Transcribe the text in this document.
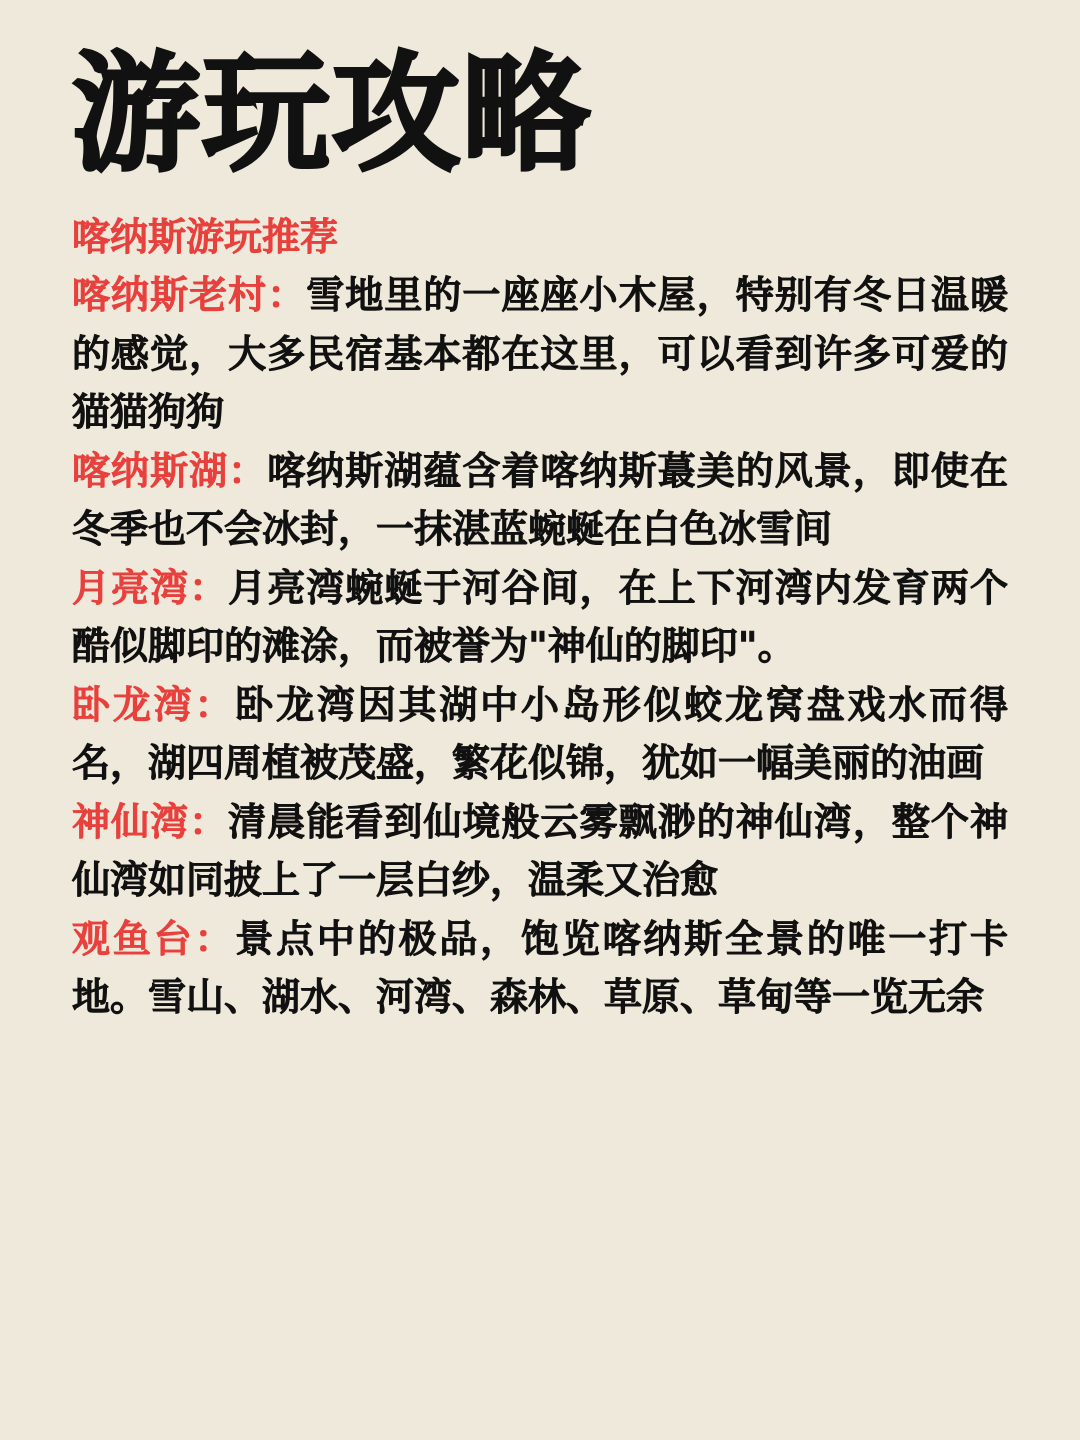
游玩攻略
喀纳斯游玩推荐
喀纳斯老村：雪地里的一座座小木屋，特别有冬日温暖的感觉，大多民宿基本都在这里，可以看到许多可爱的猫猫狗狗
喀纳斯湖：喀纳斯湖蕴含着喀纳斯蕞美的风景，即使在冬季也不会冰封，一抹湛蓝蜿蜒在白色冰雪间
月亮湾：月亮湾蜿蜒于河谷间，在上下河湾内发育两个酷似脚印的滩涂，而被誉为"神仙的脚印"。
卧龙湾：卧龙湾因其湖中小岛形似蛟龙窝盘戏水而得名，湖四周植被茂盛，繁花似锦，犹如一幅美丽的油画
神仙湾：清晨能看到仙境般云雾飘渺的神仙湾，整个神仙湾如同披上了一层白纱，温柔又治愈
观鱼台：景点中的极品，饱览喀纳斯全景的唯一打卡地。雪山、湖水、河湾、森林、草原、草甸等一览无余
